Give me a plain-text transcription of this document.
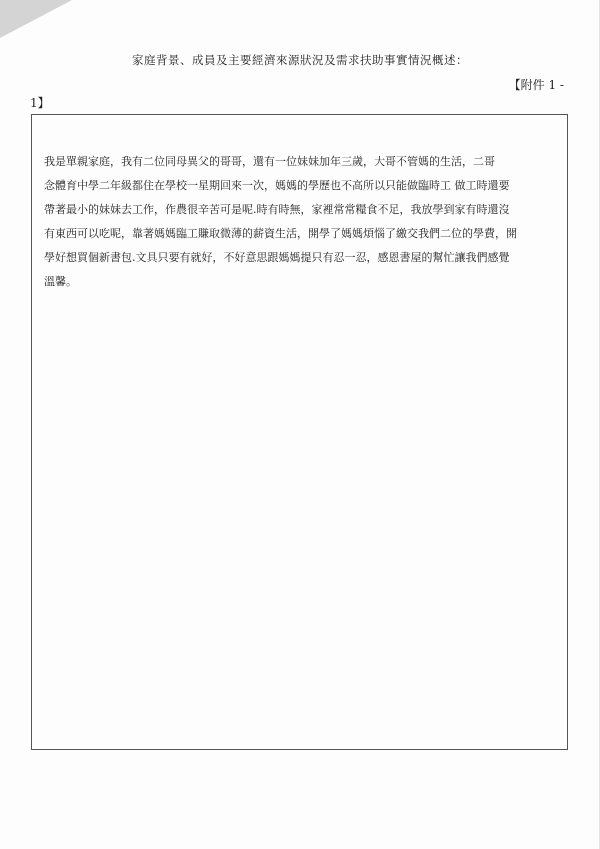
家庭背景、成員及主要經濟來源狀況及需求扶助事實情況概述：
【附件 1 -
1】

我是單親家庭，我有二位同母異父的哥哥，還有一位妹妹加年三歲，大哥不管媽的生活，二哥
念體育中學二年級都住在學校一星期回來一次，媽媽的學歷也不高所以只能做臨時工 做工時還要
帶著最小的妹妹去工作，作農很辛苦可是呢.時有時無，家裡常常糧食不足，我放學到家有時還沒
有東西可以吃呢，靠著媽媽臨工賺取微薄的薪資生活，開學了媽媽煩惱了繳交我們二位的學費，開
學好想買個新書包.文具只要有就好，不好意思跟媽媽提只有忍一忍，感恩書屋的幫忙讓我們感覺
溫馨。
